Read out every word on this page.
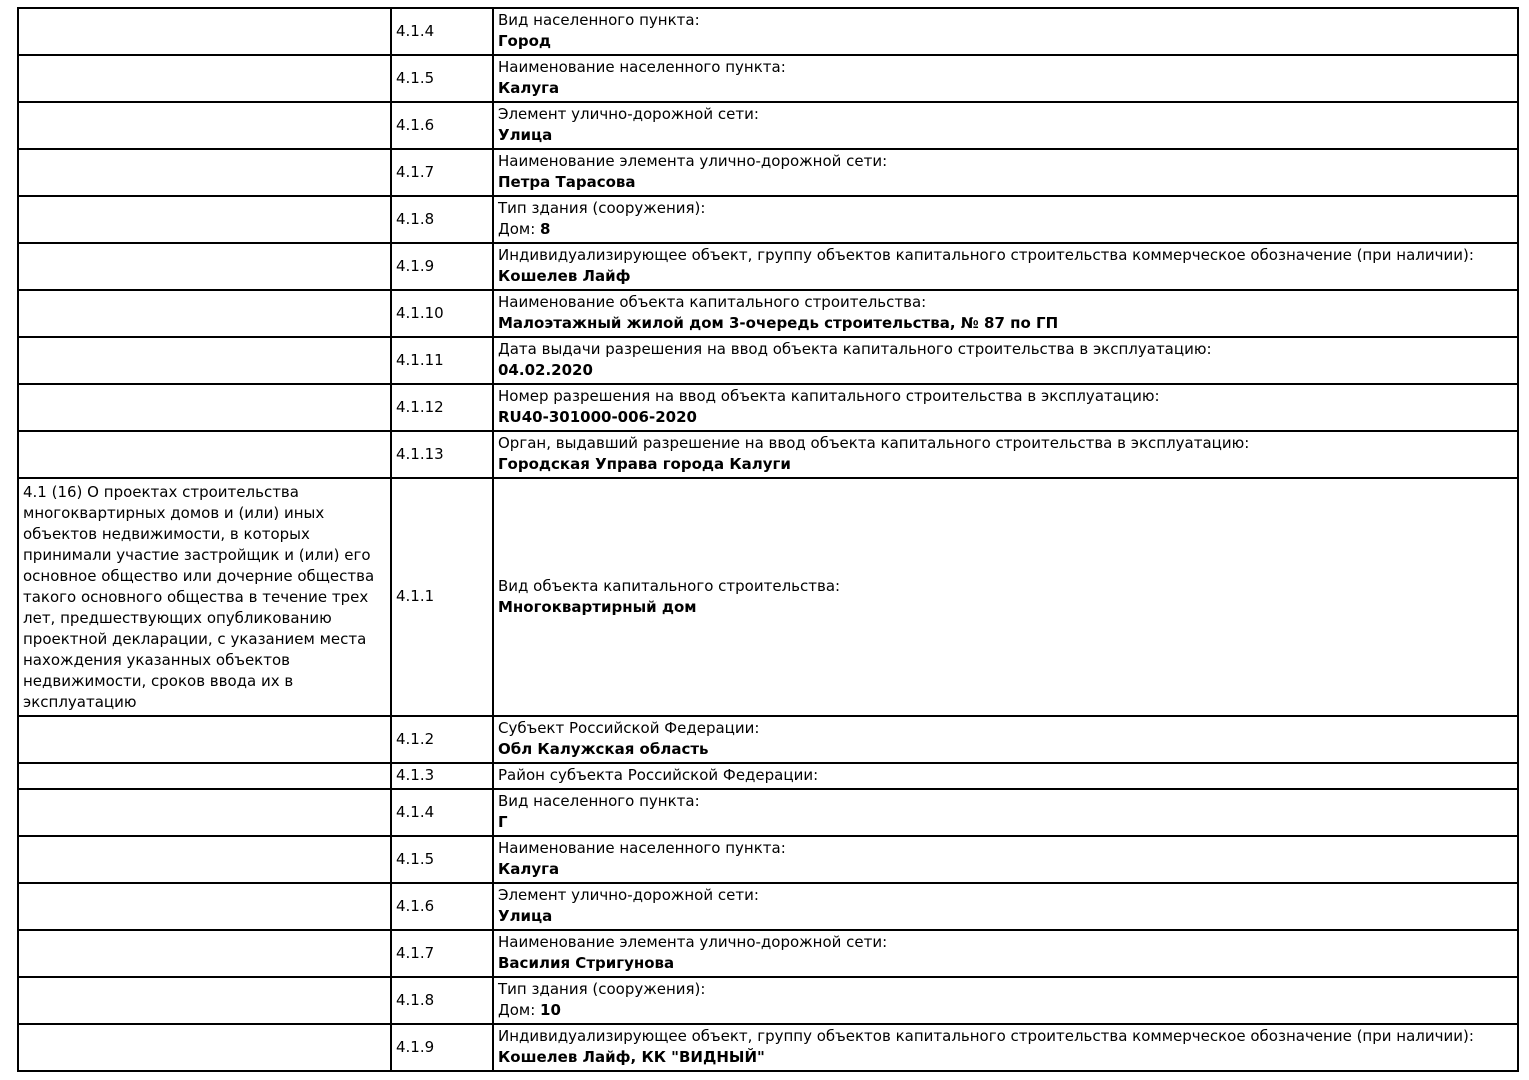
	4.1.4	Вид населенного пункта:
Город

	4.1.5	Наименование населенного пункта:
Калуга

	4.1.6	Элемент улично-дорожной сети:
Улица

	4.1.7	Наименование элемента улично-дорожной сети:
Петра Тарасова

	4.1.8	Тип здания (сооружения):
Дом: 8

	4.1.9	Индивидуализирующее объект, группу объектов капитального строительства коммерческое обозначение (при наличии):
Кошелев Лайф

	4.1.10	Наименование объекта капитального строительства:
Малоэтажный жилой дом 3-очередь строительства, № 87 по ГП

	4.1.11	Дата выдачи разрешения на ввод объекта капитального строительства в эксплуатацию:
04.02.2020

	4.1.12	Номер разрешения на ввод объекта капитального строительства в эксплуатацию:
RU40-301000-006-2020

	4.1.13	Орган, выдавший разрешение на ввод объекта капитального строительства в эксплуатацию:
Городская Управа города Калуги

4.1 (16) О проектах строительства многоквартирных домов и (или) иных объектов недвижимости, в которых принимали участие застройщик и (или) его основное общество или дочерние общества такого основного общества в течение трех лет, предшествующих опубликованию проектной декларации, с указанием места нахождения указанных объектов недвижимости, сроков ввода их в эксплуатацию	4.1.1	Вид объекта капитального строительства:
Многоквартирный дом

	4.1.2	Субъект Российской Федерации:
Обл Калужская область

	4.1.3	Район субъекта Российской Федерации:

	4.1.4	Вид населенного пункта:
Г

	4.1.5	Наименование населенного пункта:
Калуга

	4.1.6	Элемент улично-дорожной сети:
Улица

	4.1.7	Наименование элемента улично-дорожной сети:
Василия Стригунова

	4.1.8	Тип здания (сооружения):
Дом: 10

	4.1.9	Индивидуализирующее объект, группу объектов капитального строительства коммерческое обозначение (при наличии):
Кошелев Лайф, КК "ВИДНЫЙ"
